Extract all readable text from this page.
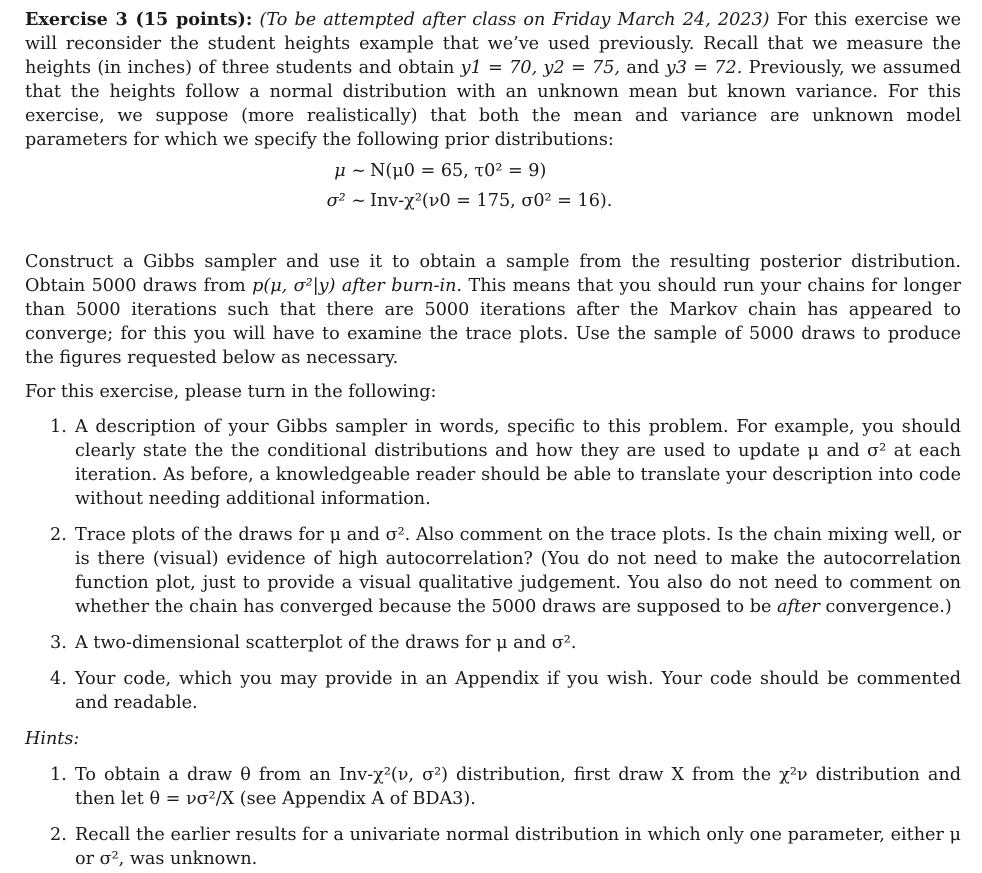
Exercise 3 (15 points): (To be attempted after class on Friday March 24, 2023) For this exercise we will reconsider the student heights example that we’ve used previously. Recall that we measure the heights (in inches) of three students and obtain y1 = 70, y2 = 75, and y3 = 72. Previously, we assumed that the heights follow a normal distribution with an unknown mean but known variance. For this exercise, we suppose (more realistically) that both the mean and variance are unknown model parameters for which we specify the following prior distributions:

μ ~ N(μ0 = 65, τ0² = 9)
σ² ~ Inv-χ²(ν0 = 175, σ0² = 16).

Construct a Gibbs sampler and use it to obtain a sample from the resulting posterior distribution. Obtain 5000 draws from p(μ, σ²|y) after burn-in. This means that you should run your chains for longer than 5000 iterations such that there are 5000 iterations after the Markov chain has appeared to converge; for this you will have to examine the trace plots. Use the sample of 5000 draws to produce the figures requested below as necessary.

For this exercise, please turn in the following:

1. A description of your Gibbs sampler in words, specific to this problem. For example, you should clearly state the the conditional distributions and how they are used to update μ and σ² at each iteration. As before, a knowledgeable reader should be able to translate your description into code without needing additional information.
2. Trace plots of the draws for μ and σ². Also comment on the trace plots. Is the chain mixing well, or is there (visual) evidence of high autocorrelation? (You do not need to make the autocorrelation function plot, just to provide a visual qualitative judgement. You also do not need to comment on whether the chain has converged because the 5000 draws are supposed to be after convergence.)
3. A two-dimensional scatterplot of the draws for μ and σ².
4. Your code, which you may provide in an Appendix if you wish. Your code should be commented and readable.

Hints:

1. To obtain a draw θ from an Inv-χ²(ν, σ²) distribution, first draw X from the χ²ν distribution and then let θ = νσ²/X (see Appendix A of BDA3).
2. Recall the earlier results for a univariate normal distribution in which only one parameter, either μ or σ², was unknown.
